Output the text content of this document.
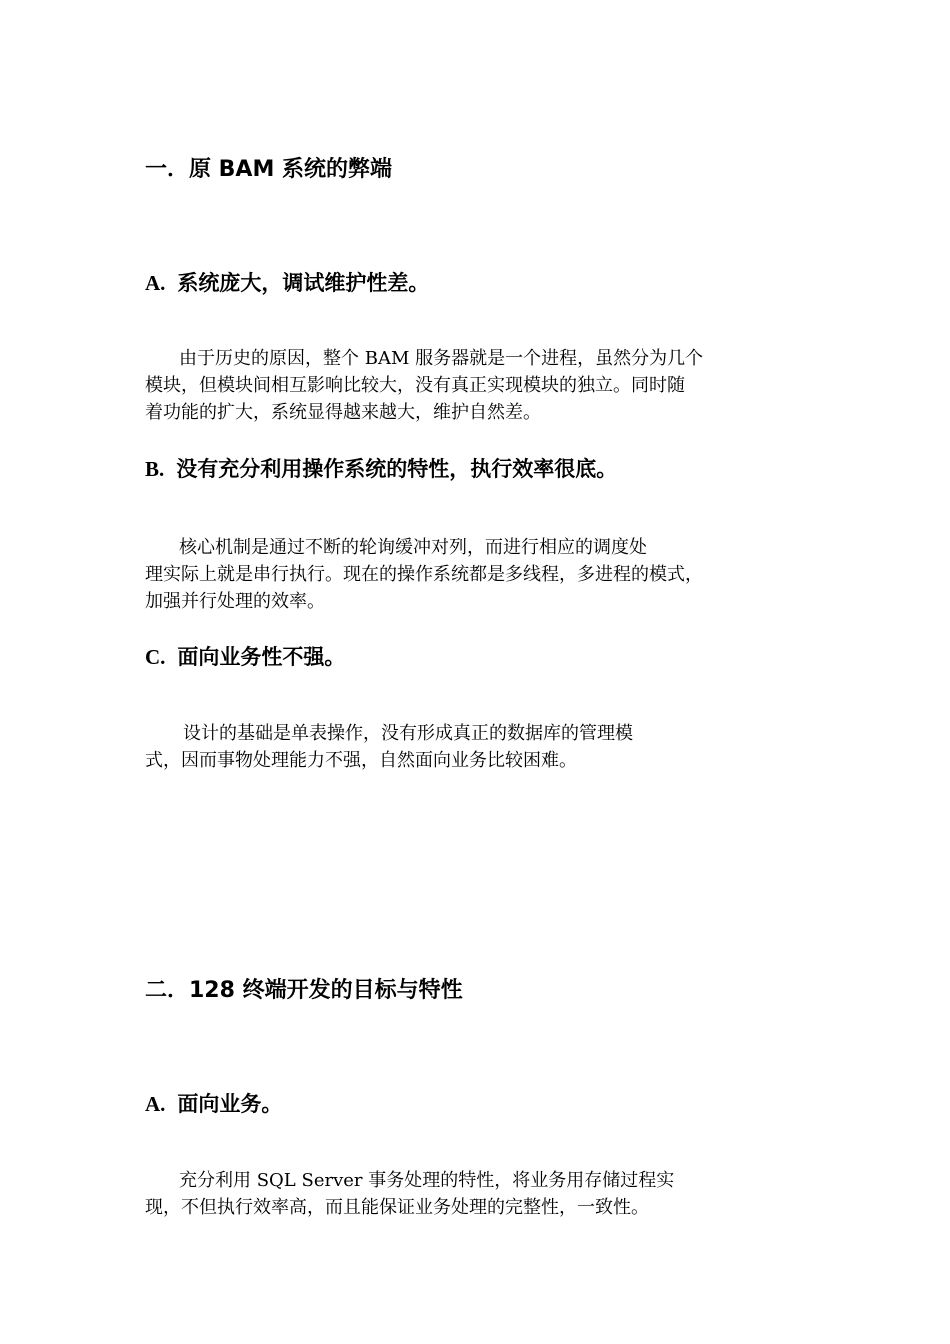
一．原 BAM 系统的弊端
A. 系统庞大，调试维护性差。

由于历史的原因，整个 BAM 服务器就是一个进程，虽然分为几个
模块，但模块间相互影响比较大，没有真正实现模块的独立。同时随
着功能的扩大，系统显得越来越大，维护自然差。

B. 没有充分利用操作系统的特性，执行效率很底。

核心机制是通过不断的轮询缓冲对列，而进行相应的调度处
理实际上就是串行执行。现在的操作系统都是多线程，多进程的模式，
加强并行处理的效率。

C. 面向业务性不强。

设计的基础是单表操作，没有形成真正的数据库的管理模
式，因而事物处理能力不强，自然面向业务比较困难。

二．128 终端开发的目标与特性
A. 面向业务。

充分利用 SQL Server 事务处理的特性，将业务用存储过程实
现，不但执行效率高，而且能保证业务处理的完整性，一致性。
